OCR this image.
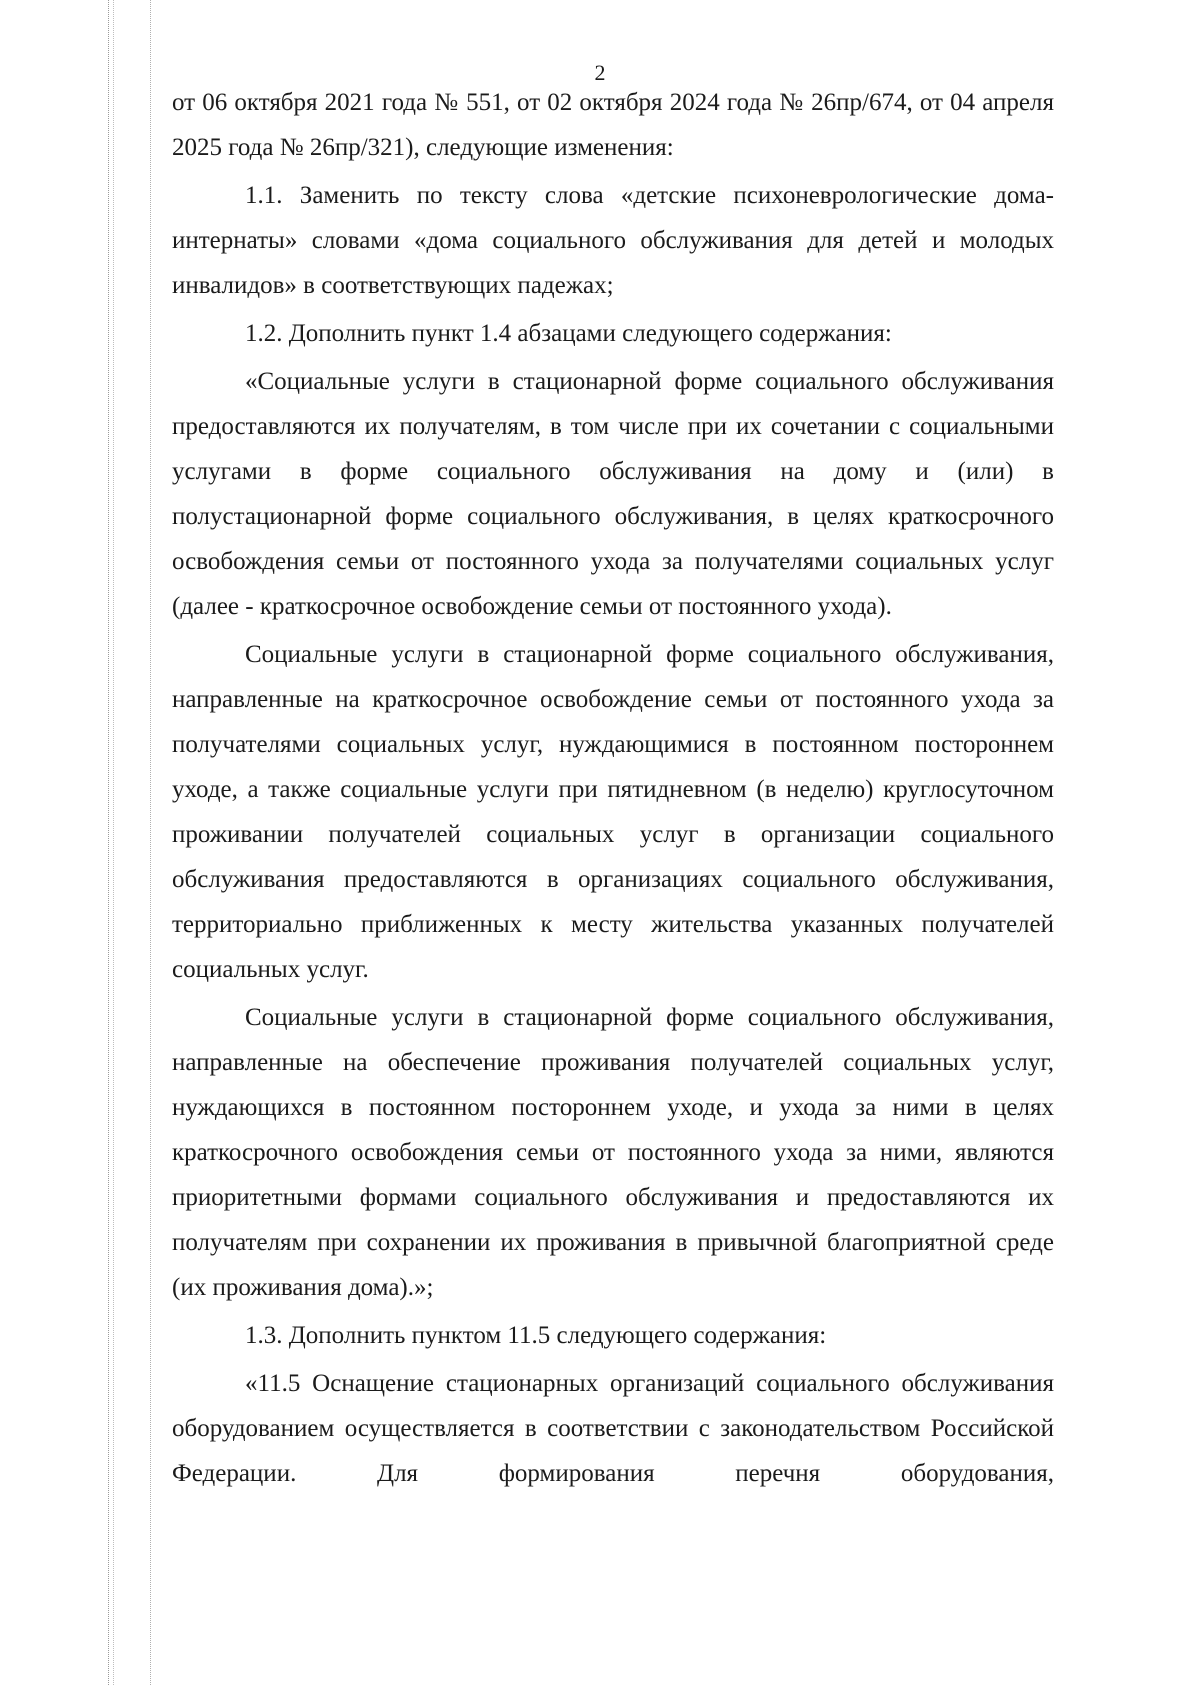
2

от 06 октября 2021 года № 551, от 02 октября 2024 года № 26пр/674, от 04 апреля 2025 года № 26пр/321), следующие изменения:

1.1. Заменить по тексту слова «детские психоневрологические дома-интернаты» словами «дома социального обслуживания для детей и молодых инвалидов» в соответствующих падежах;

1.2. Дополнить пункт 1.4 абзацами следующего содержания:

«Социальные услуги в стационарной форме социального обслуживания предоставляются их получателям, в том числе при их сочетании с социальными услугами в форме социального обслуживания на дому и (или) в полустационарной форме социального обслуживания, в целях краткосрочного освобождения семьи от постоянного ухода за получателями социальных услуг (далее - краткосрочное освобождение семьи от постоянного ухода).

Социальные услуги в стационарной форме социального обслуживания, направленные на краткосрочное освобождение семьи от постоянного ухода за получателями социальных услуг, нуждающимися в постоянном постороннем уходе, а также социальные услуги при пятидневном (в неделю) круглосуточном проживании получателей социальных услуг в организации социального обслуживания предоставляются в организациях социального обслуживания, территориально приближенных к месту жительства указанных получателей социальных услуг.

Социальные услуги в стационарной форме социального обслуживания, направленные на обеспечение проживания получателей социальных услуг, нуждающихся в постоянном постороннем уходе, и ухода за ними в целях краткосрочного освобождения семьи от постоянного ухода за ними, являются приоритетными формами социального обслуживания и предоставляются их получателям при сохранении их проживания в привычной благоприятной среде (их проживания дома).»;

1.3. Дополнить пунктом 11.5 следующего содержания:

«11.5 Оснащение стационарных организаций социального обслуживания оборудованием осуществляется в соответствии с законодательством Российской Федерации. Для формирования перечня оборудования,
